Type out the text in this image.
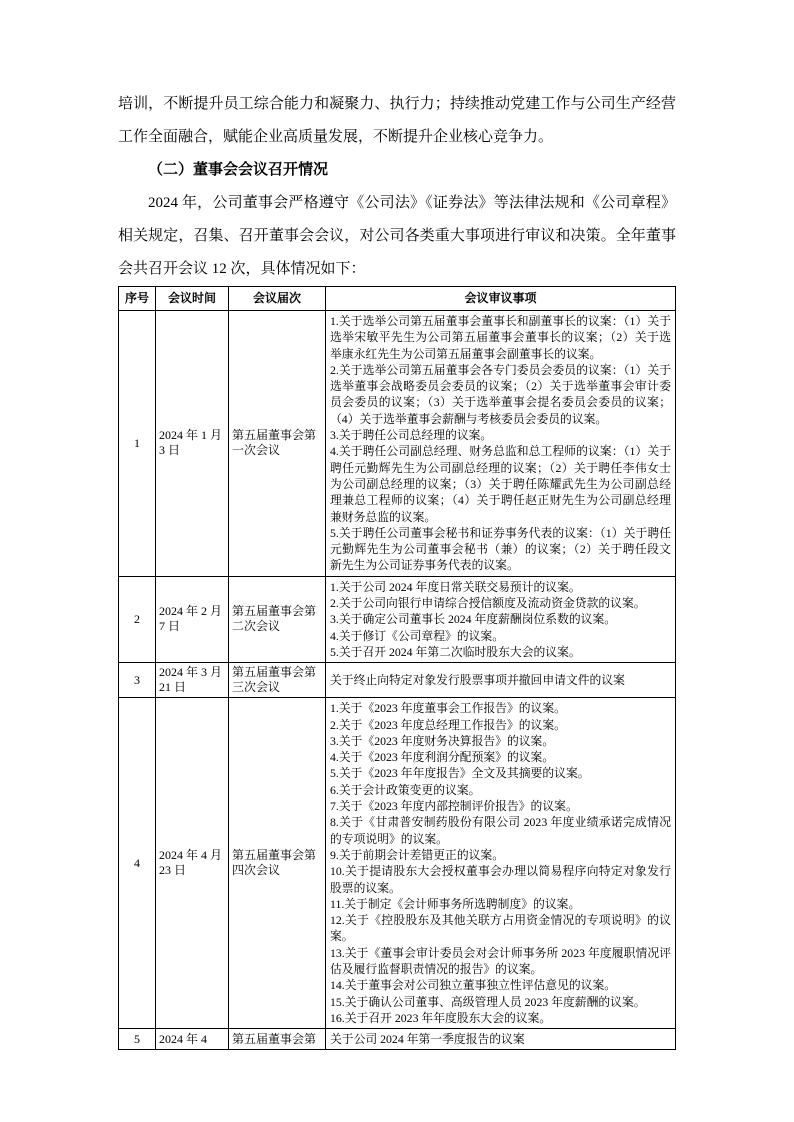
培训，不断提升员工综合能力和凝聚力、执行力；持续推动党建工作与公司生产经营工作全面融合，赋能企业高质量发展，不断提升企业核心竞争力。
（二）董事会会议召开情况
2024 年，公司董事会严格遵守《公司法》《证券法》等法律法规和《公司章程》相关规定，召集、召开董事会会议，对公司各类重大事项进行审议和决策。全年董事会共召开会议 12 次，具体情况如下：
序号	会议时间	会议届次	会议审议事项
1	2024 年 1 月 3 日	第五届董事会第一次会议	1.关于选举公司第五届董事会董事长和副董事长的议案：（1）关于选举宋敏平先生为公司第五届董事会董事长的议案；（2）关于选举康永红先生为公司第五届董事会副董事长的议案。
2.关于选举公司第五届董事会各专门委员会委员的议案：（1）关于选举董事会战略委员会委员的议案；（2）关于选举董事会审计委员会委员的议案；（3）关于选举董事会提名委员会委员的议案；（4）关于选举董事会薪酬与考核委员会委员的议案。
3.关于聘任公司总经理的议案。
4.关于聘任公司副总经理、财务总监和总工程师的议案：（1）关于聘任元勤辉先生为公司副总经理的议案；（2）关于聘任李伟女士为公司副总经理的议案；（3）关于聘任陈耀武先生为公司副总经理兼总工程师的议案；（4）关于聘任赵正财先生为公司副总经理兼财务总监的议案。
5.关于聘任公司董事会秘书和证券事务代表的议案：（1）关于聘任元勤辉先生为公司董事会秘书（兼）的议案；（2）关于聘任段文新先生为公司证券事务代表的议案。

2	2024 年 2 月 7 日	第五届董事会第二次会议	1.关于公司 2024 年度日常关联交易预计的议案。
2.关于公司向银行申请综合授信额度及流动资金贷款的议案。
3.关于确定公司董事长 2024 年度薪酬岗位系数的议案。
4.关于修订《公司章程》的议案。
5.关于召开 2024 年第二次临时股东大会的议案。

3	2024 年 3 月 21 日	第五届董事会第三次会议	关于终止向特定对象发行股票事项并撤回申请文件的议案

4	2024 年 4 月 23 日	第五届董事会第四次会议	
1.关于《2023 年度董事会工作报告》的议案。
2.关于《2023 年度总经理工作报告》的议案。
3.关于《2023 年度财务决算报告》的议案。
4.关于《2023 年度利润分配预案》的议案。
5.关于《2023 年年度报告》全文及其摘要的议案。
6.关于会计政策变更的议案。
7.关于《2023 年度内部控制评价报告》的议案。
8.关于《甘肃普安制药股份有限公司 2023 年度业绩承诺完成情况的专项说明》的议案。
9.关于前期会计差错更正的议案。
10.关于提请股东大会授权董事会办理以简易程序向特定对象发行股票的议案。
11.关于制定《会计师事务所选聘制度》的议案。
12.关于《控股股东及其他关联方占用资金情况的专项说明》的议案。
13.关于《董事会审计委员会对会计师事务所 2023 年度履职情况评估及履行监督职责情况的报告》的议案。
14.关于董事会对公司独立董事独立性评估意见的议案。
15.关于确认公司董事、高级管理人员 2023 年度薪酬的议案。
16.关于召开 2023 年年度股东大会的议案。

5	2024 年 4	第五届董事会第	关于公司 2024 年第一季度报告的议案
